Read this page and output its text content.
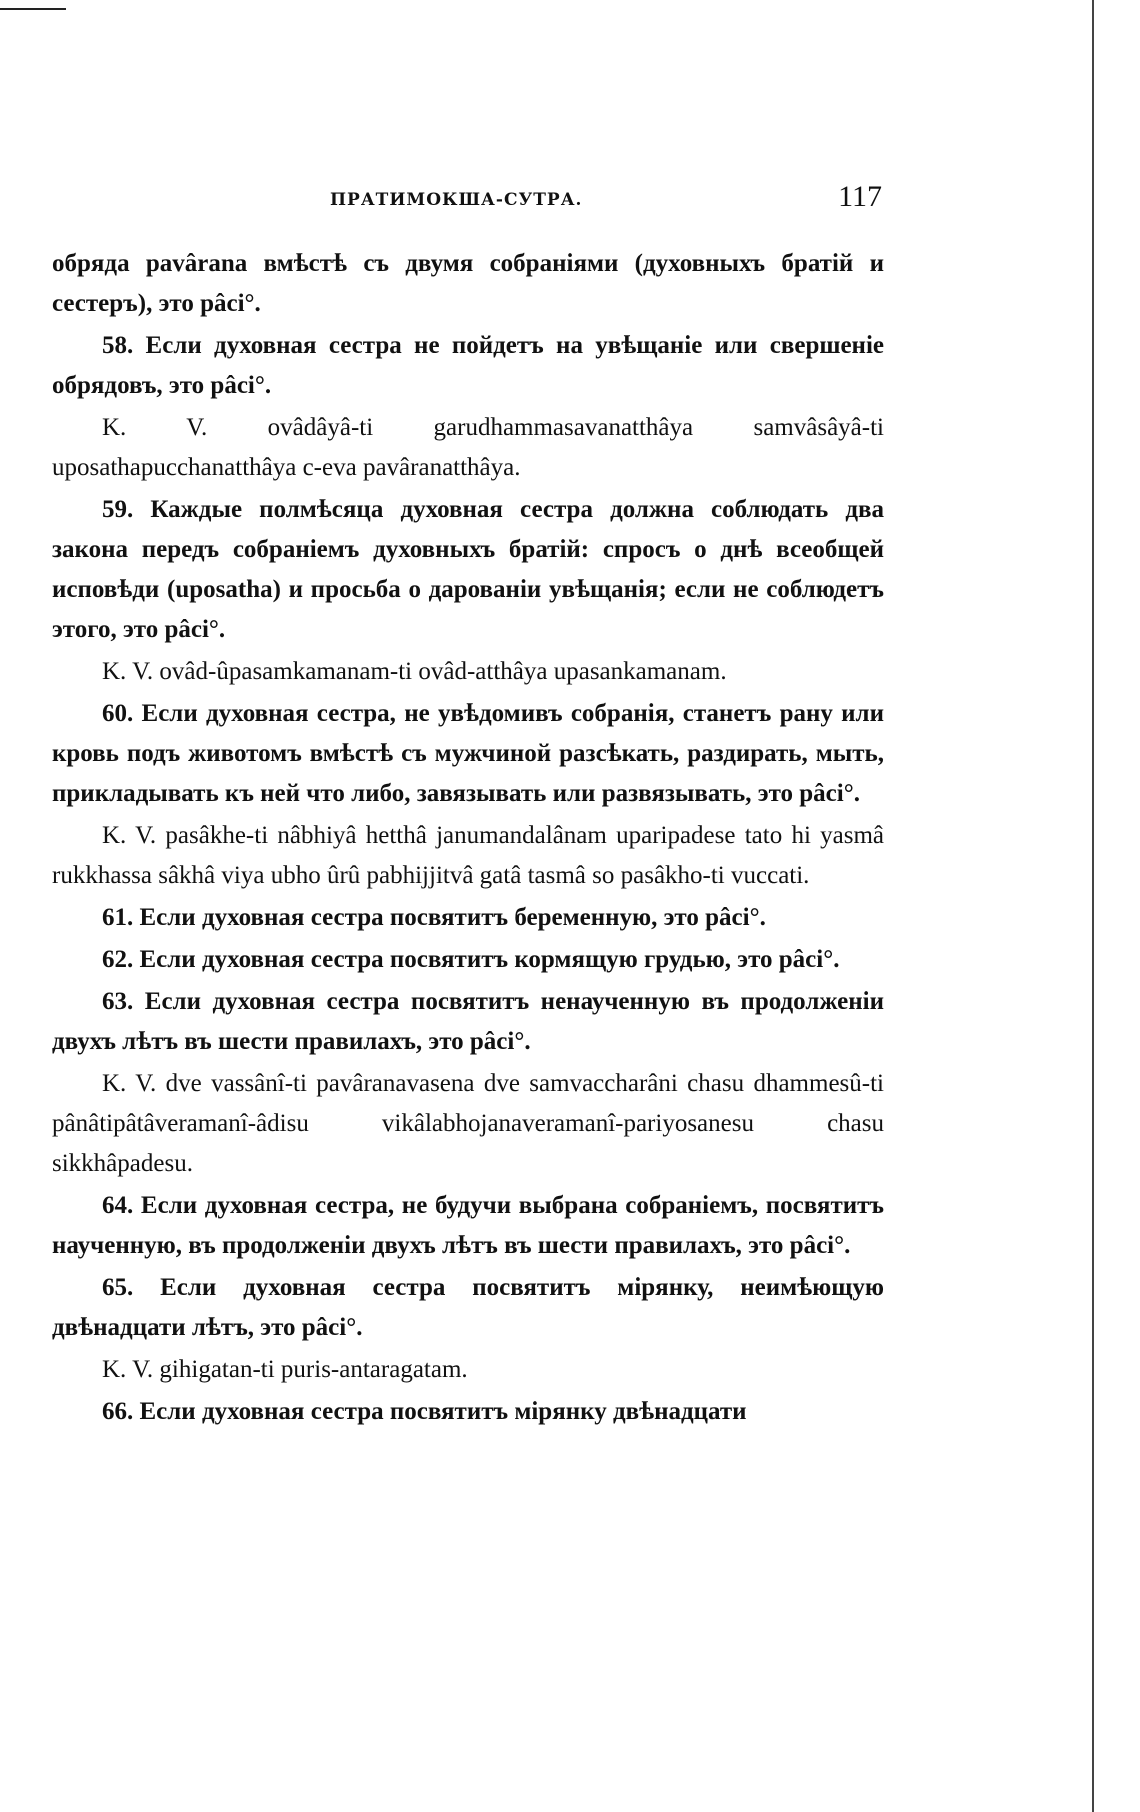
ПРАТИМОКША-СУТРА.	117

обряда pavârana вмѣстѣ съ двумя собраніями (духовныхъ братій и сестеръ), это pâci°.

58. Если духовная сестра не пойдетъ на увѣщаніе или свершеніе обрядовъ, это pâci°.

K. V. ovâdâyâ-ti garudhammasavanatthâya samvâsâyâ-ti uposathapucchanatthâya c-eva pavâranatthâya.

59. Каждые полмѣсяца духовная сестра должна соблюдать два закона передъ собраніемъ духовныхъ братій: спросъ о днѣ всеобщей исповѣди (uposatha) и просьба о дарованіи увѣщанія; если не соблюдетъ этого, это pâci°.

K. V. ovâd-ûpasamkamanam-ti ovâd-atthâya upasankamanam.

60. Если духовная сестра, не увѣдомивъ собранія, станетъ рану или кровь подъ животомъ вмѣстѣ съ мужчиной разсѣкать, раздирать, мыть, прикладывать къ ней что либо, завязывать или развязывать, это pâci°.

K. V. pasâkhe-ti nâbhiyâ hetthâ janumandalânam uparipadese tato hi yasmâ rukkhassa sâkhâ viya ubho ûrû pabhijjitvâ gatâ tasmâ so pasâkho-ti vuccati.

61. Если духовная сестра посвятитъ беременную, это pâci°.

62. Если духовная сестра посвятитъ кормящую грудью, это pâci°.

63. Если духовная сестра посвятитъ ненаученную въ продолженіи двухъ лѣтъ въ шести правилахъ, это pâci°.

K. V. dve vassânî-ti pavâranavasena dve samvaccharâni chasu dhammesû-ti pânâtipâtâveramanî-âdisu vikâlabhojanaveramanî-pariyosanesu chasu sikkhâpadesu.

64. Если духовная сестра, не будучи выбрана собраніемъ, посвятитъ наученную, въ продолженіи двухъ лѣтъ въ шести правилахъ, это pâci°.

65. Если духовная сестра посвятитъ мірянку, неимѣющую двѣнадцати лѣтъ, это pâci°.

K. V. gihigatan-ti puris-antaragatam.

66. Если духовная сестра посвятитъ мірянку двѣнадцати
